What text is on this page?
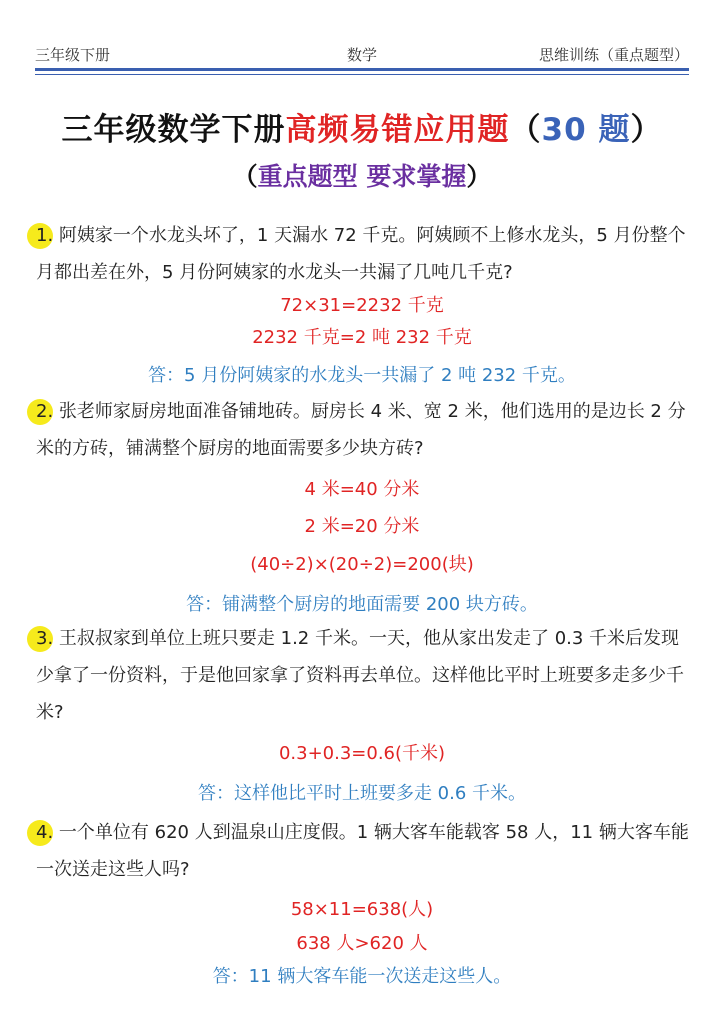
三年级下册	数学	思维训练（重点题型）
三年级数学下册高频易错应用题（30 题）
（重点题型 要求掌握）
1. 阿姨家一个水龙头坏了，1 天漏水 72 千克。阿姨顾不上修水龙头，5 月份整个月都出差在外，5 月份阿姨家的水龙头一共漏了几吨几千克?
72×31=2232 千克
2232 千克=2 吨 232 千克
答：5 月份阿姨家的水龙头一共漏了 2 吨 232 千克。
2. 张老师家厨房地面准备铺地砖。厨房长 4 米、宽 2 米，他们选用的是边长 2 分米的方砖，铺满整个厨房的地面需要多少块方砖?
4 米=40 分米
2 米=20 分米
(40÷2)×(20÷2)=200(块)
答：铺满整个厨房的地面需要 200 块方砖。
3. 王叔叔家到单位上班只要走 1.2 千米。一天，他从家出发走了 0.3 千米后发现少拿了一份资料，于是他回家拿了资料再去单位。这样他比平时上班要多走多少千米?
0.3+0.3=0.6(千米)
答：这样他比平时上班要多走 0.6 千米。
4. 一个单位有 620 人到温泉山庄度假。1 辆大客车能载客 58 人，11 辆大客车能一次送走这些人吗?
58×11=638(人)
638 人>620 人
答：11 辆大客车能一次送走这些人。
